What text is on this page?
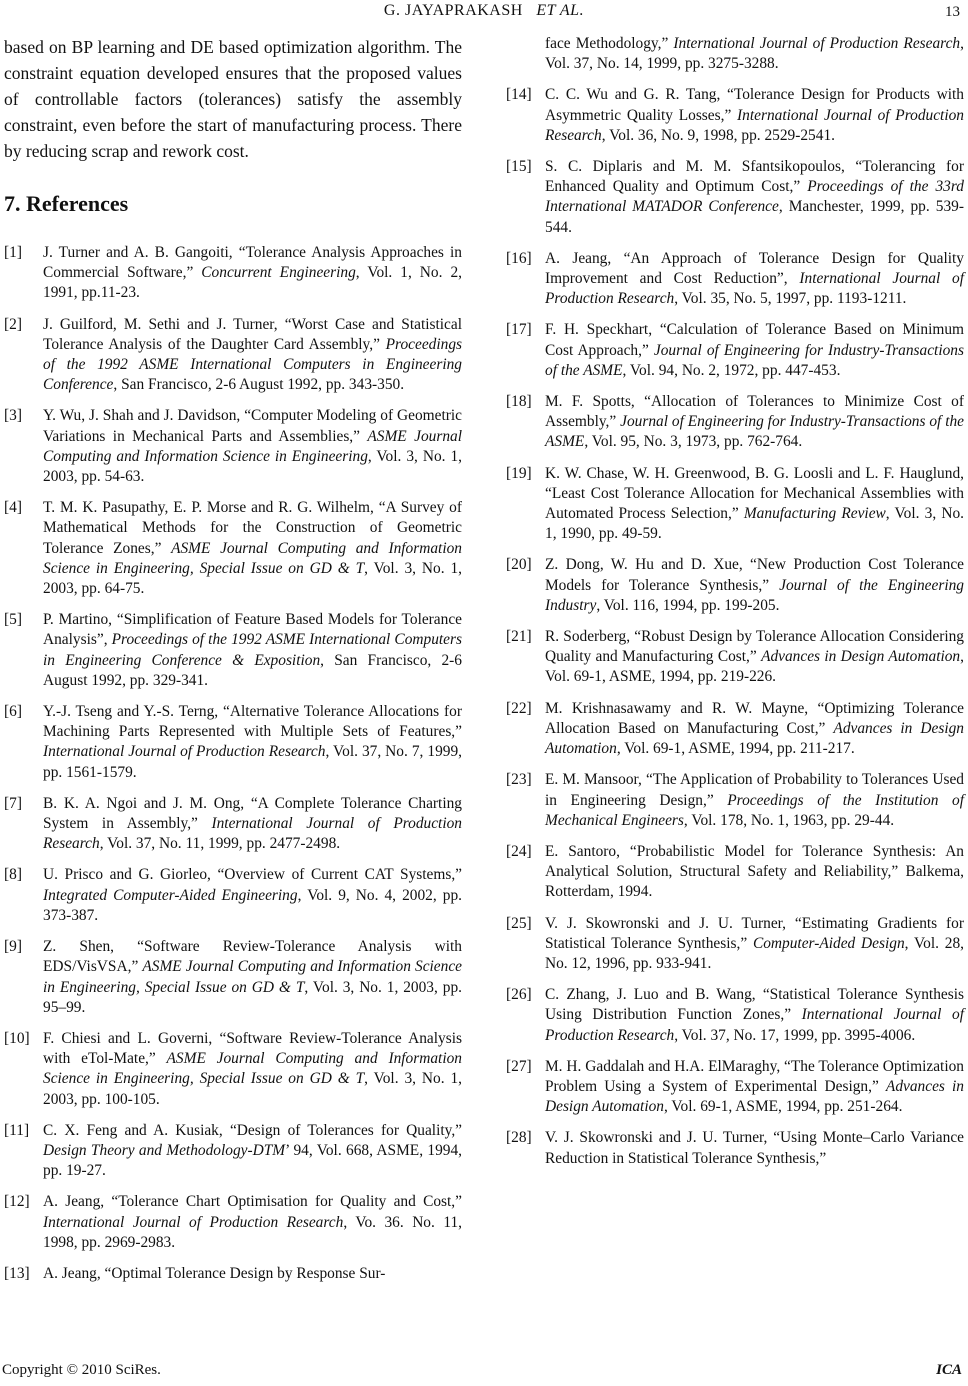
G. JAYAPRAKASH ET AL.	13

based on BP learning and DE based optimization algorithm. The constraint equation developed ensures that the proposed values of controllable factors (tolerances) satisfy the assembly constraint, even before the start of manufacturing process. There by reducing scrap and rework cost.

7. References
[1] J. Turner and A. B. Gangoiti, “Tolerance Analysis Approaches in Commercial Software,” Concurrent Engineering, Vol. 1, No. 2, 1991, pp.11-23.
[2] J. Guilford, M. Sethi and J. Turner, “Worst Case and Statistical Tolerance Analysis of the Daughter Card Assembly,” Proceedings of the 1992 ASME International Computers in Engineering Conference, San Francisco, 2-6 August 1992, pp. 343-350.
[3] Y. Wu, J. Shah and J. Davidson, “Computer Modeling of Geometric Variations in Mechanical Parts and Assemblies,” ASME Journal Computing and Information Science in Engineering, Vol. 3, No. 1, 2003, pp. 54-63.
[4] T. M. K. Pasupathy, E. P. Morse and R. G. Wilhelm, “A Survey of Mathematical Methods for the Construction of Geometric Tolerance Zones,” ASME Journal Computing and Information Science in Engineering, Special Issue on GD & T, Vol. 3, No. 1, 2003, pp. 64-75.
[5] P. Martino, “Simplification of Feature Based Models for Tolerance Analysis”, Proceedings of the 1992 ASME International Computers in Engineering Conference & Exposition, San Francisco, 2-6 August 1992, pp. 329-341.
[6] Y.-J. Tseng and Y.-S. Terng, “Alternative Tolerance Allocations for Machining Parts Represented with Multiple Sets of Features,” International Journal of Production Research, Vol. 37, No. 7, 1999, pp. 1561-1579.
[7] B. K. A. Ngoi and J. M. Ong, “A Complete Tolerance Charting System in Assembly,” International Journal of Production Research, Vol. 37, No. 11, 1999, pp. 2477-2498.
[8] U. Prisco and G. Giorleo, “Overview of Current CAT Systems,” Integrated Computer-Aided Engineering, Vol. 9, No. 4, 2002, pp. 373-387.
[9] Z. Shen, “Software Review-Tolerance Analysis with EDS/VisVSA,” ASME Journal Computing and Information Science in Engineering, Special Issue on GD & T, Vol. 3, No. 1, 2003, pp. 95–99.
[10] F. Chiesi and L. Governi, “Software Review-Tolerance Analysis with eTol-Mate,” ASME Journal Computing and Information Science in Engineering, Special Issue on GD & T, Vol. 3, No. 1, 2003, pp. 100-105.
[11] C. X. Feng and A. Kusiak, “Design of Tolerances for Quality,” Design Theory and Methodology-DTM’ 94, Vol. 668, ASME, 1994, pp. 19-27.
[12] A. Jeang, “Tolerance Chart Optimisation for Quality and Cost,” International Journal of Production Research, Vo. 36. No. 11, 1998, pp. 2969-2983.
[13] A. Jeang, “Optimal Tolerance Design by Response Sur-
face Methodology,” International Journal of Production Research, Vol. 37, No. 14, 1999, pp. 3275-3288.
[14] C. C. Wu and G. R. Tang, “Tolerance Design for Products with Asymmetric Quality Losses,” International Journal of Production Research, Vol. 36, No. 9, 1998, pp. 2529-2541.
[15] S. C. Diplaris and M. M. Sfantsikopoulos, “Tolerancing for Enhanced Quality and Optimum Cost,” Proceedings of the 33rd International MATADOR Conference, Manchester, 1999, pp. 539-544.
[16] A. Jeang, “An Approach of Tolerance Design for Quality Improvement and Cost Reduction”, International Journal of Production Research, Vol. 35, No. 5, 1997, pp. 1193-1211.
[17] F. H. Speckhart, “Calculation of Tolerance Based on Minimum Cost Approach,” Journal of Engineering for Industry-Transactions of the ASME, Vol. 94, No. 2, 1972, pp. 447-453.
[18] M. F. Spotts, “Allocation of Tolerances to Minimize Cost of Assembly,” Journal of Engineering for Industry-Transactions of the ASME, Vol. 95, No. 3, 1973, pp. 762-764.
[19] K. W. Chase, W. H. Greenwood, B. G. Loosli and L. F. Hauglund, “Least Cost Tolerance Allocation for Mechanical Assemblies with Automated Process Selection,” Manufacturing Review, Vol. 3, No. 1, 1990, pp. 49-59.
[20] Z. Dong, W. Hu and D. Xue, “New Production Cost Tolerance Models for Tolerance Synthesis,” Journal of the Engineering Industry, Vol. 116, 1994, pp. 199-205.
[21] R. Soderberg, “Robust Design by Tolerance Allocation Considering Quality and Manufacturing Cost,” Advances in Design Automation, Vol. 69-1, ASME, 1994, pp. 219-226.
[22] M. Krishnasawamy and R. W. Mayne, “Optimizing Tolerance Allocation Based on Manufacturing Cost,” Advances in Design Automation, Vol. 69-1, ASME, 1994, pp. 211-217.
[23] E. M. Mansoor, “The Application of Probability to Tolerances Used in Engineering Design,” Proceedings of the Institution of Mechanical Engineers, Vol. 178, No. 1, 1963, pp. 29-44.
[24] E. Santoro, “Probabilistic Model for Tolerance Synthesis: An Analytical Solution, Structural Safety and Reliability,” Balkema, Rotterdam, 1994.
[25] V. J. Skowronski and J. U. Turner, “Estimating Gradients for Statistical Tolerance Synthesis,” Computer-Aided Design, Vol. 28, No. 12, 1996, pp. 933-941.
[26] C. Zhang, J. Luo and B. Wang, “Statistical Tolerance Synthesis Using Distribution Function Zones,” International Journal of Production Research, Vol. 37, No. 17, 1999, pp. 3995-4006.
[27] M. H. Gaddalah and H.A. ElMaraghy, “The Tolerance Optimization Problem Using a System of Experimental Design,” Advances in Design Automation, Vol. 69-1, ASME, 1994, pp. 251-264.
[28] V. J. Skowronski and J. U. Turner, “Using Monte–Carlo Variance Reduction in Statistical Tolerance Synthesis,”
Copyright © 2010 SciRes.	ICA
